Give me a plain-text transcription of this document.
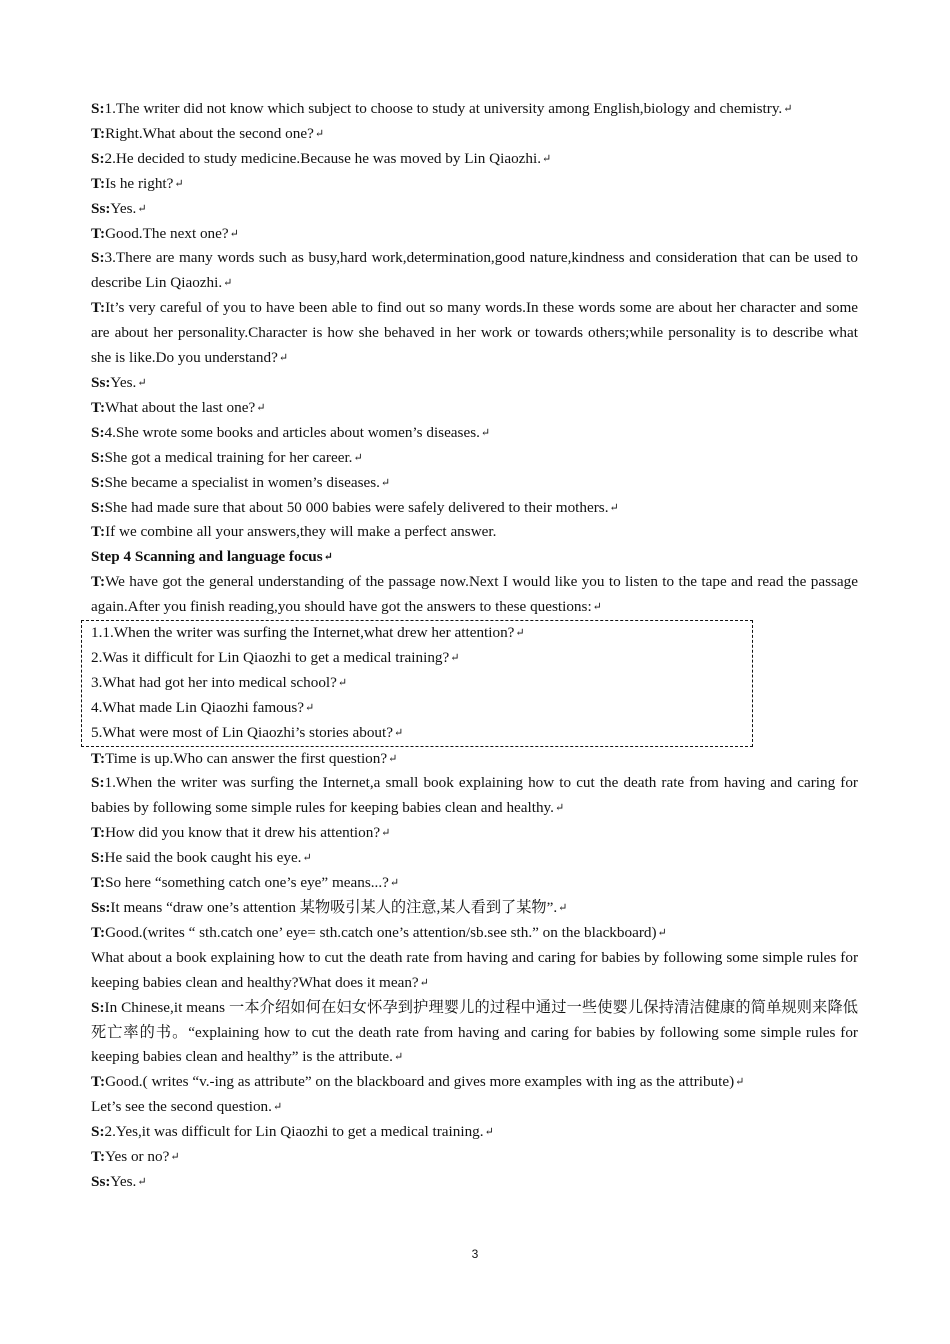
S:1.The writer did not know which subject to choose to study at university among English,biology and chemistry.↵

T:Right.What about the second one?↵

S:2.He decided to study medicine.Because he was moved by Lin Qiaozhi.↵

T:Is he right?↵

Ss:Yes.↵

T:Good.The next one?↵

S:3.There are many words such as busy,hard work,determination,good nature,kindness and consideration that can be used to describe Lin Qiaozhi.↵

T:It’s very careful of you to have been able to find out so many words.In these words some are about her character and some are about her personality.Character is how she behaved in her work or towards others;while personality is to describe what she is like.Do you understand?↵

Ss:Yes.↵

T:What about the last one?↵

S:4.She wrote some books and articles about women’s diseases.↵

S:She got a medical training for her career.↵

S:She became a specialist in women’s diseases.↵

S:She had made sure that about 50 000 babies were safely delivered to their mothers.↵

T:If we combine all your answers,they will make a perfect answer.

Step 4 Scanning and language focus↵

T:We have got the general understanding of the passage now.Next I would like you to listen to the tape and read the passage again.After you finish reading,you should have got the answers to these questions:↵

1.1.When the writer was surfing the Internet,what drew her attention?↵

2.Was it difficult for Lin Qiaozhi to get a medical training?↵

3.What had got her into medical school?↵

4.What made Lin Qiaozhi famous?↵

5.What were most of Lin Qiaozhi’s stories about?↵

T:Time is up.Who can answer the first question?↵

S:1.When the writer was surfing the Internet,a small book explaining how to cut the death rate from having and caring for babies by following some simple rules for keeping babies clean and healthy.↵

T:How did you know that it drew his attention?↵

S:He said the book caught his eye.↵

T:So here “something catch one’s eye” means...?↵

Ss:It means “draw one’s attention 某物吸引某人的注意,某人看到了某物”.↵

T:Good.(writes “ sth.catch one’ eye= sth.catch one’s attention/sb.see sth.” on the blackboard)↵

What about a book explaining how to cut the death rate from having and caring for babies by following some simple rules for keeping babies clean and healthy?What does it mean?↵

S:In Chinese,it means 一本介绍如何在妇女怀孕到护理婴儿的过程中通过一些使婴儿保持清洁健康的简单规则来降低死亡率的书。“explaining how to cut the death rate from having and caring for babies by following some simple rules for keeping babies clean and healthy” is the attribute.↵

T:Good.( writes “v.-ing as attribute” on the blackboard and gives more examples with ing as the attribute)↵

Let’s see the second question.↵

S:2.Yes,it was difficult for Lin Qiaozhi to get a medical training.↵

T:Yes or no?↵

Ss:Yes.↵

3
